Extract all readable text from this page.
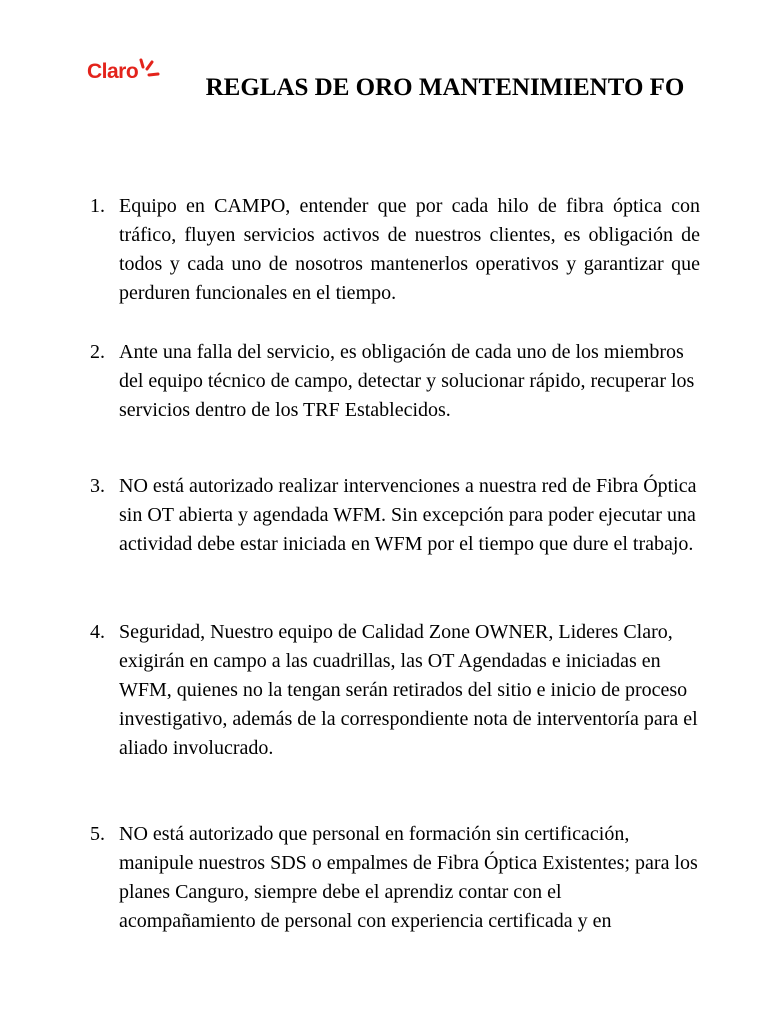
Claro
REGLAS DE ORO MANTENIMIENTO FO
1. Equipo en CAMPO, entender que por cada hilo de fibra óptica con tráfico, fluyen servicios activos de nuestros clientes, es obligación de todos y cada uno de nosotros mantenerlos operativos y garantizar que perduren funcionales en el tiempo.
2. Ante una falla del servicio, es obligación de cada uno de los miembros del equipo técnico de campo, detectar y solucionar rápido, recuperar los servicios dentro de los TRF Establecidos.
3. NO está autorizado realizar intervenciones a nuestra red de Fibra Óptica sin OT abierta y agendada WFM. Sin excepción para poder ejecutar una actividad debe estar iniciada en WFM por el tiempo que dure el trabajo.
4. Seguridad, Nuestro equipo de Calidad Zone OWNER, Lideres Claro, exigirán en campo a las cuadrillas, las OT Agendadas e iniciadas en WFM, quienes no la tengan serán retirados del sitio e inicio de proceso investigativo, además de la correspondiente nota de interventoría para el aliado involucrado.
5. NO está autorizado que personal en formación sin certificación, manipule nuestros SDS o empalmes de Fibra Óptica Existentes; para los planes Canguro, siempre debe el aprendiz contar con el acompañamiento de personal con experiencia certificada y en
